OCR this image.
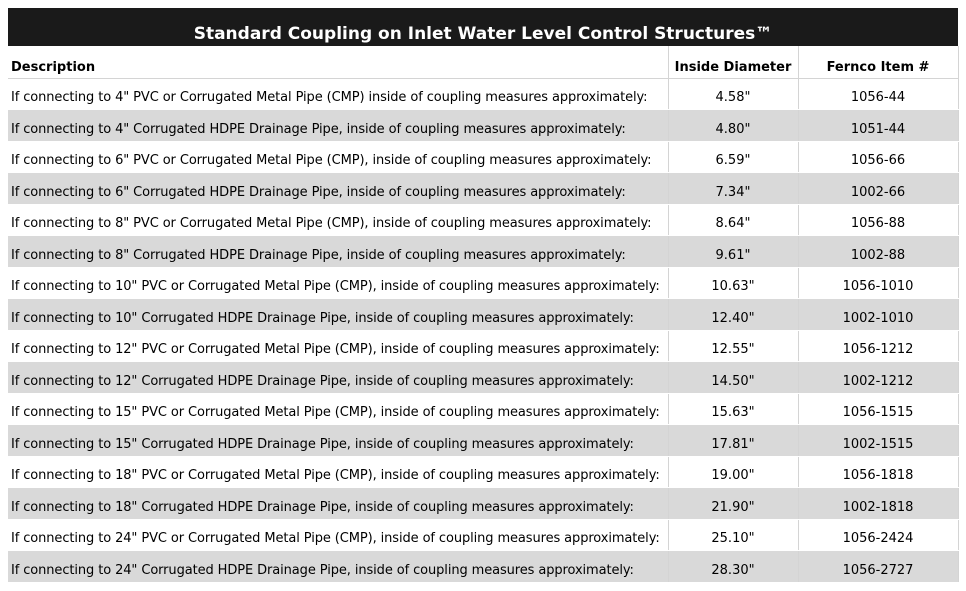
Standard Coupling on Inlet Water Level Control Structures™
Description	Inside Diameter	Fernco Item #
If connecting to 4" PVC or Corrugated Metal Pipe (CMP) inside of coupling measures approximately:	4.58"	1056-44
If connecting to 4" Corrugated HDPE Drainage Pipe, inside of coupling measures approximately:	4.80"	1051-44
If connecting to 6" PVC or Corrugated Metal Pipe (CMP), inside of coupling measures approximately:	6.59"	1056-66
If connecting to 6" Corrugated HDPE Drainage Pipe, inside of coupling measures approximately:	7.34"	1002-66
If connecting to 8" PVC or Corrugated Metal Pipe (CMP), inside of coupling measures approximately:	8.64"	1056-88
If connecting to 8" Corrugated HDPE Drainage Pipe, inside of coupling measures approximately:	9.61"	1002-88
If connecting to 10" PVC or Corrugated Metal Pipe (CMP), inside of coupling measures approximately:	10.63"	1056-1010
If connecting to 10" Corrugated HDPE Drainage Pipe, inside of coupling measures approximately:	12.40"	1002-1010
If connecting to 12" PVC or Corrugated Metal Pipe (CMP), inside of coupling measures approximately:	12.55"	1056-1212
If connecting to 12" Corrugated HDPE Drainage Pipe, inside of coupling measures approximately:	14.50"	1002-1212
If connecting to 15" PVC or Corrugated Metal Pipe (CMP), inside of coupling measures approximately:	15.63"	1056-1515
If connecting to 15" Corrugated HDPE Drainage Pipe, inside of coupling measures approximately:	17.81"	1002-1515
If connecting to 18" PVC or Corrugated Metal Pipe (CMP), inside of coupling measures approximately:	19.00"	1056-1818
If connecting to 18" Corrugated HDPE Drainage Pipe, inside of coupling measures approximately:	21.90"	1002-1818
If connecting to 24" PVC or Corrugated Metal Pipe (CMP), inside of coupling measures approximately:	25.10"	1056-2424
If connecting to 24" Corrugated HDPE Drainage Pipe, inside of coupling measures approximately:	28.30"	1056-2727
